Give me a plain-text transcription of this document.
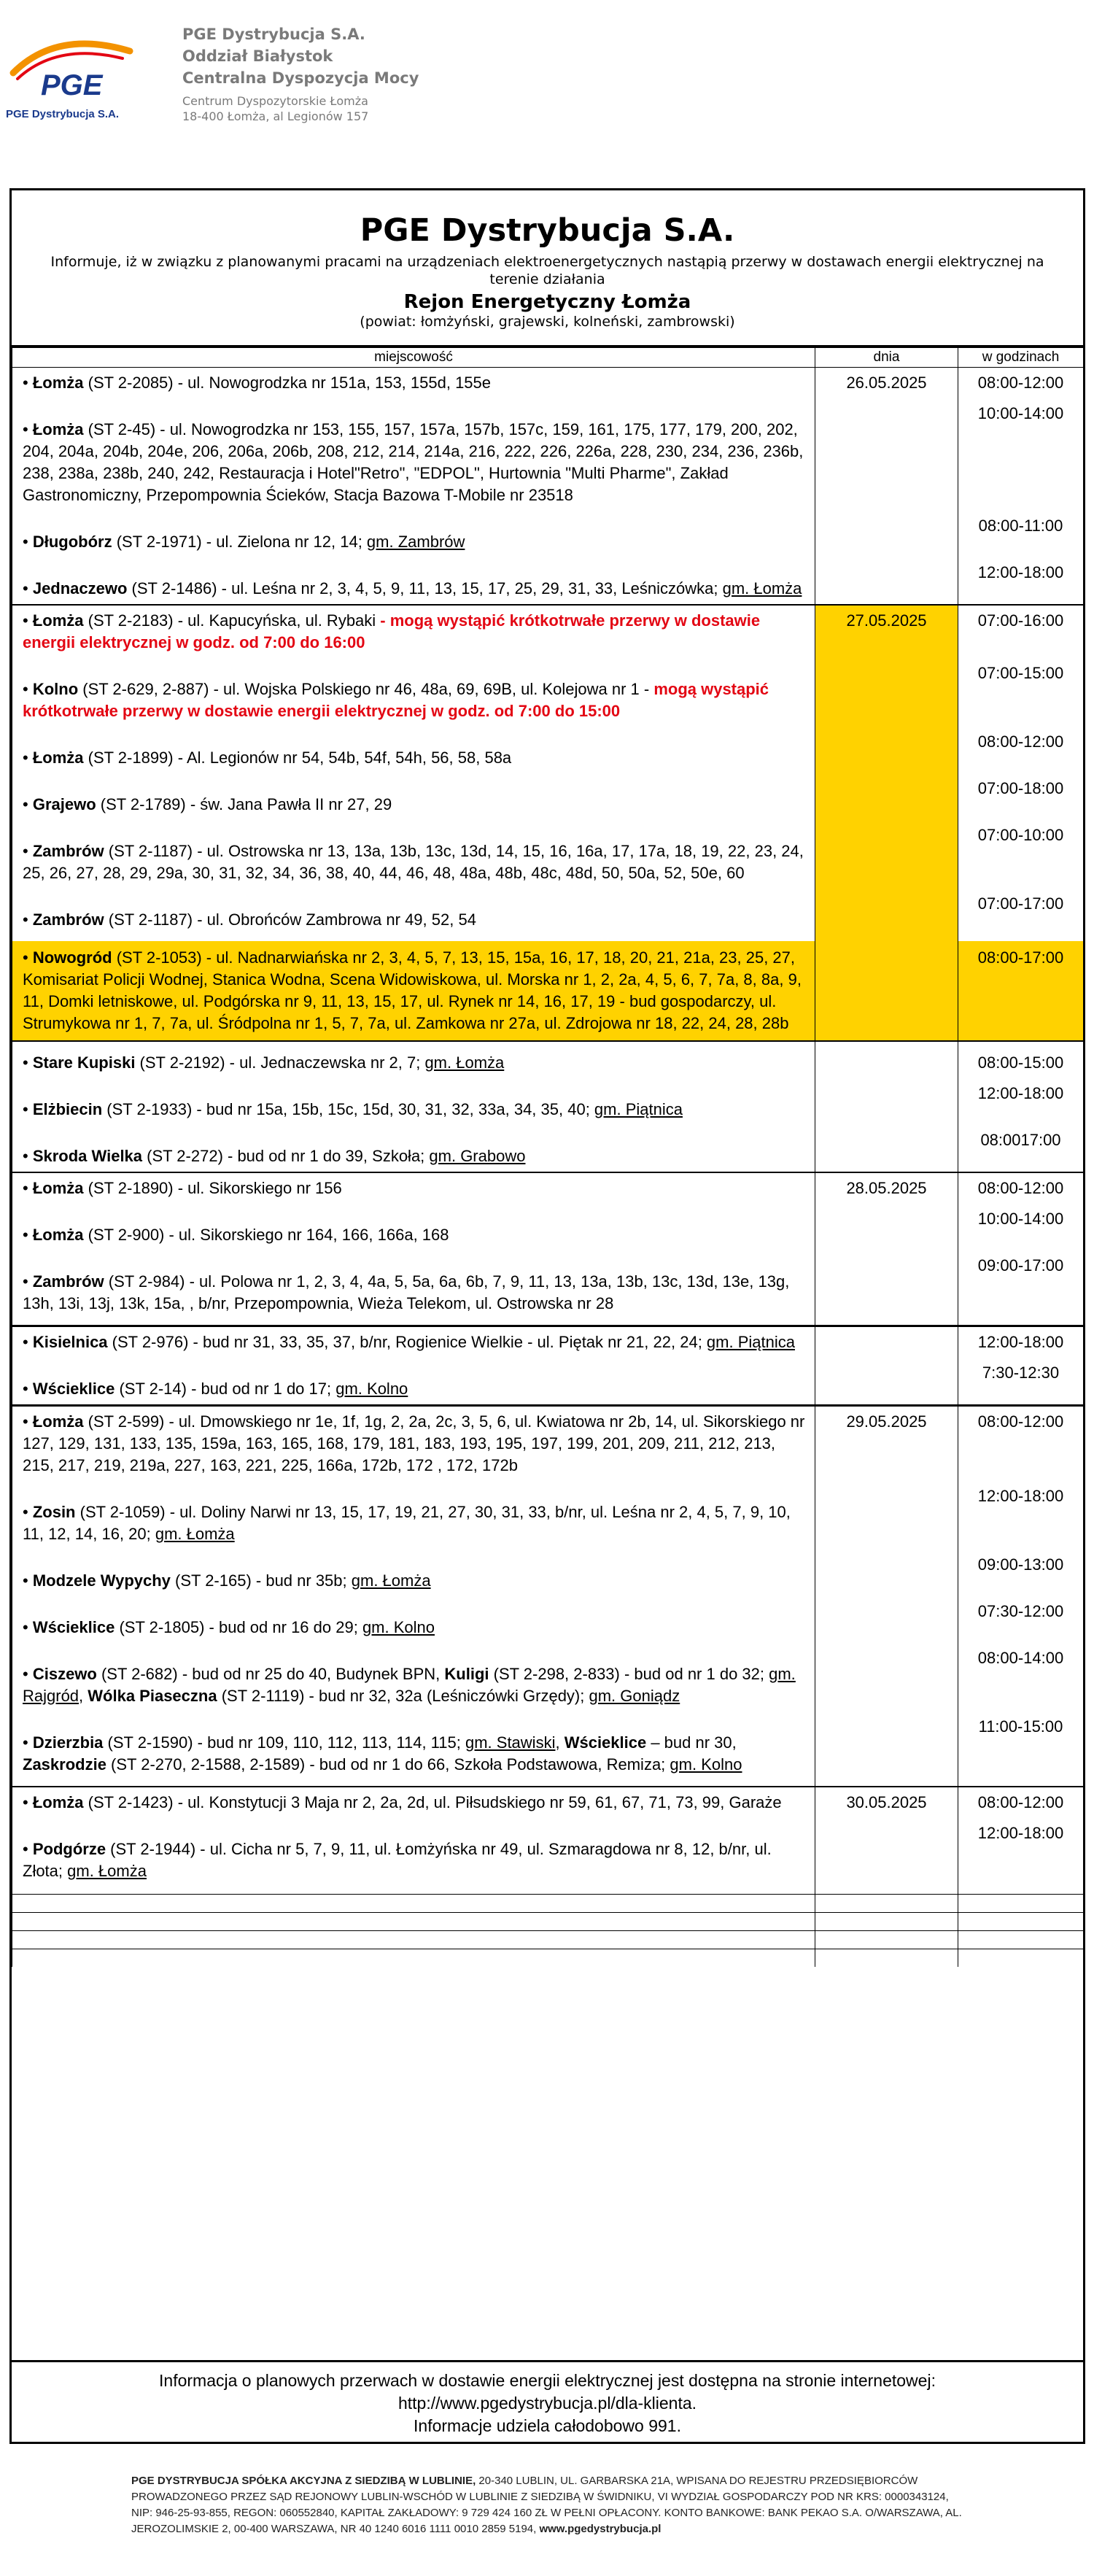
PGE
PGE Dystrybucja S.A.
PGE Dystrybucja S.A.
Oddział Białystok
Centralna Dyspozycja Mocy
Centrum Dyspozytorskie Łomża
18-400 Łomża, al Legionów 157
PGE Dystrybucja S.A.
Informuje, iż w związku z planowanymi pracami na urządzeniach elektroenergetycznych nastąpią przerwy w dostawach energii elektrycznej na terenie działania
Rejon Energetyczny Łomża
(powiat: łomżyński, grajewski, kolneński, zambrowski)
miejscowość	dnia	w godzinach
• Łomża (ST 2-2085) - ul. Nowogrodzka nr 151a, 153, 155d, 155e	26.05.2025	08:00-12:00
• Łomża (ST 2-45) - ul. Nowogrodzka nr 153, 155, 157, 157a, 157b, 157c, 159, 161, 175, 177, 179, 200, 202, 204, 204a, 204b, 204e, 206, 206a, 206b, 208, 212, 214, 214a, 216, 222, 226, 226a, 228, 230, 234, 236, 236b, 238, 238a, 238b, 240, 242, Restauracja i Hotel"Retro", "EDPOL", Hurtownia "Multi Pharme", Zakład Gastronomiczny, Przepompownia Ścieków, Stacja Bazowa T-Mobile nr 23518		10:00-14:00
• Długobórz (ST 2-1971) - ul. Zielona nr 12, 14; gm. Zambrów		08:00-11:00
• Jednaczewo (ST 2-1486) - ul. Leśna nr 2, 3, 4, 5, 9, 11, 13, 15, 17, 25, 29, 31, 33, Leśniczówka; gm. Łomża		12:00-18:00
• Łomża (ST 2-2183) - ul. Kapucyńska, ul. Rybaki - mogą wystąpić krótkotrwałe przerwy w dostawie energii elektrycznej w godz. od 7:00 do 16:00	27.05.2025	07:00-16:00
• Kolno (ST 2-629, 2-887) - ul. Wojska Polskiego nr 46, 48a, 69, 69B, ul. Kolejowa nr 1 - mogą wystąpić krótkotrwałe przerwy w dostawie energii elektrycznej w godz. od 7:00 do 15:00		07:00-15:00
• Łomża (ST 2-1899) - Al. Legionów nr 54, 54b, 54f, 54h, 56, 58, 58a		08:00-12:00
• Grajewo (ST 2-1789) - św. Jana Pawła II nr 27, 29		07:00-18:00
• Zambrów (ST 2-1187) - ul. Ostrowska nr 13, 13a, 13b, 13c, 13d, 14, 15, 16, 16a, 17, 17a, 18, 19, 22, 23, 24, 25, 26, 27, 28, 29, 29a, 30, 31, 32, 34, 36, 38, 40, 44, 46, 48, 48a, 48b, 48c, 48d, 50, 50a, 52, 50e, 60		07:00-10:00
• Zambrów (ST 2-1187) - ul. Obrońców Zambrowa nr 49, 52, 54		07:00-17:00
• Nowogród (ST 2-1053) - ul. Nadnarwiańska nr 2, 3, 4, 5, 7, 13, 15, 15a, 16, 17, 18, 20, 21, 21a, 23, 25, 27, Komisariat Policji Wodnej, Stanica Wodna, Scena Widowiskowa, ul. Morska nr 1, 2, 2a, 4, 5, 6, 7, 7a, 8, 8a, 9, 11, Domki letniskowe, ul. Podgórska nr 9, 11, 13, 15, 17, ul. Rynek nr 14, 16, 17, 19 - bud gospodarczy, ul. Strumykowa nr 1, 7, 7a, ul. Śródpolna nr 1, 5, 7, 7a, ul. Zamkowa nr 27a, ul. Zdrojowa nr 18, 22, 24, 28, 28b		08:00-17:00
• Stare Kupiski (ST 2-2192) - ul. Jednaczewska nr 2, 7; gm. Łomża		08:00-15:00
• Elżbiecin (ST 2-1933) - bud nr 15a, 15b, 15c, 15d, 30, 31, 32, 33a, 34, 35, 40; gm. Piątnica		12:00-18:00
• Skroda Wielka (ST 2-272) - bud od nr 1 do 39, Szkoła; gm. Grabowo		08:0017:00
• Łomża (ST 2-1890) - ul. Sikorskiego nr 156	28.05.2025	08:00-12:00
• Łomża (ST 2-900) - ul. Sikorskiego nr 164, 166, 166a, 168		10:00-14:00
• Zambrów (ST 2-984) - ul. Polowa nr 1, 2, 3, 4, 4a, 5, 5a, 6a, 6b, 7, 9, 11, 13, 13a, 13b, 13c, 13d, 13e, 13g, 13h, 13i, 13j, 13k, 15a, , b/nr, Przepompownia, Wieża Telekom, ul. Ostrowska nr 28		09:00-17:00
• Kisielnica (ST 2-976) - bud nr 31, 33, 35, 37, b/nr, Rogienice Wielkie - ul. Piętak nr 21, 22, 24; gm. Piątnica		12:00-18:00
• Wścieklice (ST 2-14) - bud od nr 1 do 17; gm. Kolno		7:30-12:30
• Łomża (ST 2-599) - ul. Dmowskiego nr 1e, 1f, 1g, 2, 2a, 2c, 3, 5, 6, ul. Kwiatowa nr 2b, 14, ul. Sikorskiego nr 127, 129, 131, 133, 135, 159a, 163, 165, 168, 179, 181, 183, 193, 195, 197, 199, 201, 209, 211, 212, 213, 215, 217, 219, 219a, 227, 163, 221, 225, 166a, 172b, 172 , 172, 172b	29.05.2025	08:00-12:00
• Zosin (ST 2-1059) - ul. Doliny Narwi nr 13, 15, 17, 19, 21, 27, 30, 31, 33, b/nr, ul. Leśna nr 2, 4, 5, 7, 9, 10, 11, 12, 14, 16, 20; gm. Łomża		12:00-18:00
• Modzele Wypychy (ST 2-165) - bud nr 35b; gm. Łomża		09:00-13:00
• Wścieklice (ST 2-1805) - bud od nr 16 do 29; gm. Kolno		07:30-12:00
• Ciszewo (ST 2-682) - bud od nr 25 do 40, Budynek BPN, Kuligi (ST 2-298, 2-833) - bud od nr 1 do 32; gm. Rajgród, Wólka Piaseczna (ST 2-1119) - bud nr 32, 32a (Leśniczówki Grzędy); gm. Goniądz		08:00-14:00
• Dzierzbia (ST 2-1590) - bud nr 109, 110, 112, 113, 114, 115; gm. Stawiski, Wścieklice – bud nr 30, Zaskrodzie (ST 2-270, 2-1588, 2-1589) - bud od nr 1 do 66, Szkoła Podstawowa, Remiza; gm. Kolno		11:00-15:00
• Łomża (ST 2-1423) - ul. Konstytucji 3 Maja nr 2, 2a, 2d, ul. Piłsudskiego nr 59, 61, 67, 71, 73, 99, Garaże	30.05.2025	08:00-12:00
• Podgórze (ST 2-1944) - ul. Cicha nr 5, 7, 9, 11, ul. Łomżyńska nr 49, ul. Szmaragdowa nr 8, 12, b/nr, ul. Złota; gm. Łomża		12:00-18:00

Informacja o planowych przerwach w dostawie energii elektrycznej jest dostępna na stronie internetowej:
http://www.pgedystrybucja.pl/dla-klienta.
Informacje udziela całodobowo 991.
PGE DYSTRYBUCJA SPÓŁKA AKCYJNA Z SIEDZIBĄ W LUBLINIE, 20-340 LUBLIN, UL. GARBARSKA 21A, WPISANA DO REJESTRU PRZEDSIĘBIORCÓW PROWADZONEGO PRZEZ SĄD REJONOWY LUBLIN-WSCHÓD W LUBLINIE Z SIEDZIBĄ W ŚWIDNIKU, VI WYDZIAŁ GOSPODARCZY POD NR KRS: 0000343124, NIP: 946-25-93-855, REGON: 060552840, KAPITAŁ ZAKŁADOWY: 9 729 424 160 ZŁ W PEŁNI OPŁACONY. KONTO BANKOWE: BANK PEKAO S.A. O/WARSZAWA, AL. JEROZOLIMSKIE 2, 00-400 WARSZAWA, NR 40 1240 6016 1111 0010 2859 5194, www.pgedystrybucja.pl
